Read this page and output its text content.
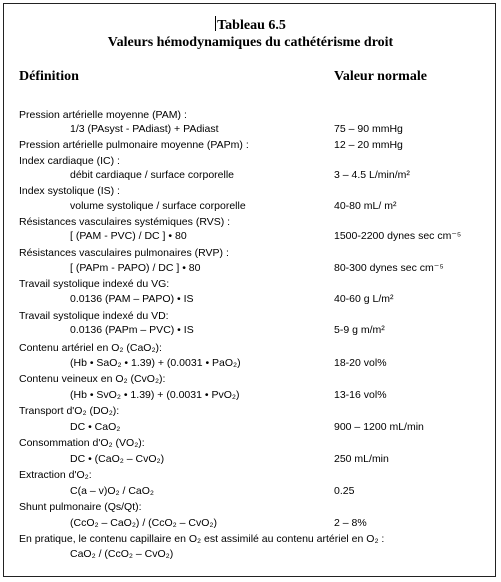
Tableau 6.5
Valeurs hémodynamiques du cathétérisme droit
Définition	Valeur normale
Pression artérielle moyenne (PAM) :
1/3 (PAsyst - PAdiast) + PAdiast	75 – 90 mmHg
Pression artérielle pulmonaire moyenne (PAPm) :	12 – 20 mmHg
Index cardiaque (IC) :
débit cardiaque / surface corporelle	3 – 4.5 L/min/m²
Index systolique (IS) :
volume systolique / surface corporelle	40-80 mL/ m²
Résistances vasculaires systémiques (RVS) :
[ (PAM - PVC) / DC ] • 80	1500-2200 dynes sec cm⁻⁵
Résistances vasculaires pulmonaires (RVP) :
[ (PAPm - PAPO) / DC ] • 80	80-300 dynes sec cm⁻⁵
Travail systolique indexé du VG:
0.0136 (PAM – PAPO) • IS	40-60 g L/m²
Travail systolique indexé du VD:
0.0136 (PAPm – PVC) • IS	5-9 g m/m²
Contenu artériel en O₂ (CaO₂):
(Hb • SaO₂ • 1.39) + (0.0031 • PaO₂)	18-20 vol%
Contenu veineux en O₂ (CvO₂):
(Hb • SvO₂ • 1.39) + (0.0031 • PvO₂)	13-16 vol%
Transport d'O₂ (DO₂):
DC • CaO₂	900 – 1200 mL/min
Consommation d'O₂ (VO₂):
DC • (CaO₂ – CvO₂)	250 mL/min
Extraction d'O₂:
C(a – v)O₂ / CaO₂	0.25
Shunt pulmonaire (Qs/Qt):
(CcO₂ – CaO₂) / (CcO₂ – CvO₂)	2 – 8%
En pratique, le contenu capillaire en O₂ est assimilé au contenu artériel en O₂ :
CaO₂ / (CcO₂ – CvO₂)
